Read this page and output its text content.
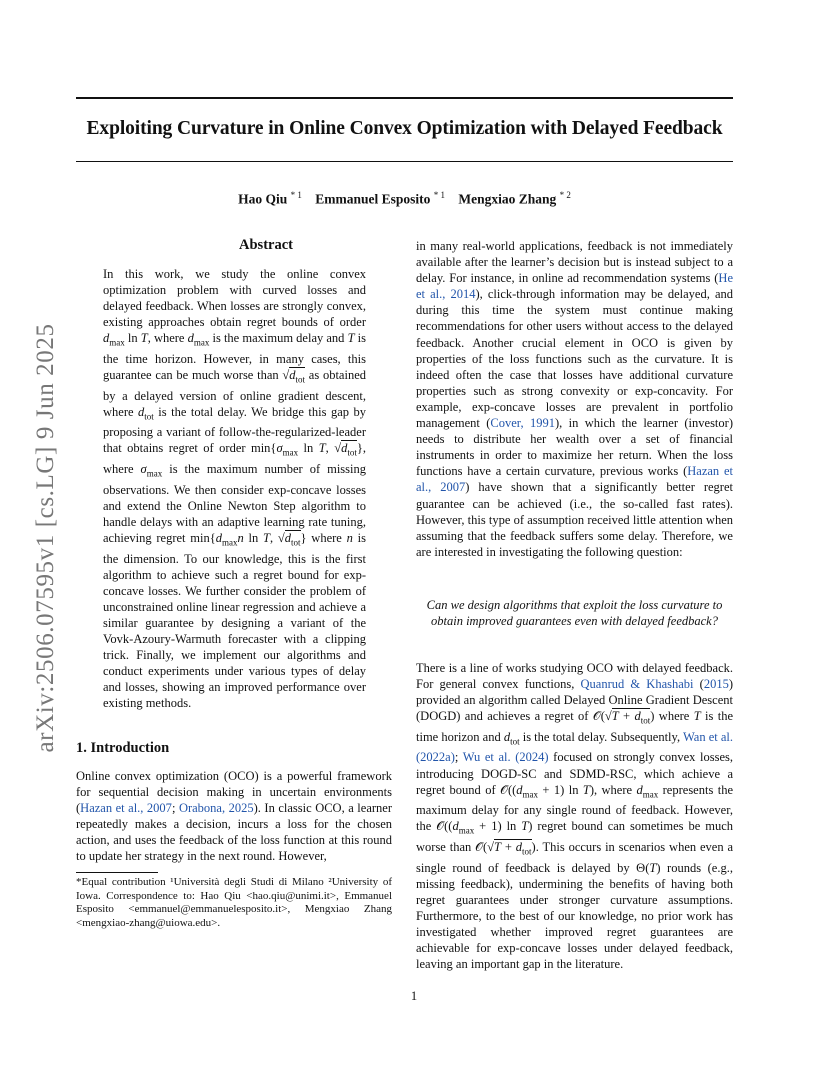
Exploiting Curvature in Online Convex Optimization with Delayed Feedback
Hao Qiu $^{* 1}$ Emmanuel Esposito $^{* 1}$ Mengxiao Zhang $^{* 2}$
arXiv:2506.07595v1 [cs.LG] 9 Jun 2025
Abstract

In this work, we study the online convex optimization problem with curved losses and delayed feedback. When losses are strongly convex, existing approaches obtain regret bounds of order $d_{max}$ ln T, where $d_{max}$ is the maximum delay and T is the time horizon. However, in many cases, this guarantee can be much worse than $√d_{tot}$ as obtained by a delayed version of online gradient descent, where $d_{tot}$ is the total delay. We bridge this gap by proposing a variant of follow-the-regularized-leader that obtains regret of order $\min\{\sigma_{max}$ ln T, $√d_{tot}$}, where $\sigma_{max}$ is the maximum number of missing observations. We then consider exp-concave losses and extend the Online Newton Step algorithm to handle delays with an adaptive learning rate tuning, achieving regret $\min\{d_{max}n$ ln T, $√d_{tot}$} where n is the dimension. To our knowledge, this is the first algorithm to achieve such a regret bound for exp-concave losses. We further consider the problem of unconstrained online linear regression and achieve a similar guarantee by designing a variant of the Vovk-Azoury-Warmuth forecaster with a clipping trick. Finally, we implement our algorithms and conduct experiments under various types of delay and losses, showing an improved performance over existing methods.

1. Introduction

Online convex optimization (OCO) is a powerful framework for sequential decision making in uncertain environments (Hazan et al., 2007; Orabona, 2025). In classic OCO, a learner repeatedly makes a decision, incurs a loss for the chosen action, and uses the feedback of the loss function at this round to update her strategy in the next round. However,

*Equal contribution ¹Università degli Studi di Milano ²University of Iowa. Correspondence to: Hao Qiu <hao.qiu@unimi.it>, Emmanuel Esposito <emmanuel@emmanuelesposito.it>, Mengxiao Zhang <mengxiao-zhang@uiowa.edu>.

in many real-world applications, feedback is not immediately available after the learner’s decision but is instead subject to a delay. For instance, in online ad recommendation systems (He et al., 2014), click-through information may be delayed, and during this time the system must continue making recommendations for other users without access to the delayed feedback. Another crucial element in OCO is given by properties of the loss functions such as the curvature. It is indeed often the case that losses have additional curvature properties such as strong convexity or exp-concavity. For example, exp-concave losses are prevalent in portfolio management (Cover, 1991), in which the learner (investor) needs to distribute her wealth over a set of financial instruments in order to maximize her return. When the loss functions have a certain curvature, previous works (Hazan et al., 2007) have shown that a significantly better regret guarantee can be achieved (i.e., the so-called fast rates). However, this type of assumption received little attention when assuming that the feedback suffers some delay. Therefore, we are interested in investigating the following question:

Can we design algorithms that exploit the loss curvature to obtain improved guarantees even with delayed feedback?

There is a line of works studying OCO with delayed feedback. For general convex functions, Quanrud & Khashabi (2015) provided an algorithm called Delayed Online Gradient Descent (DOGD) and achieves a regret of 𝒪(√T + $d_{tot}$) where T is the time horizon and $d_{tot}$ is the total delay. Subsequently, Wan et al. (2022a); Wu et al. (2024) focused on strongly convex losses, introducing DOGD-SC and SDMD-RSC, which achieve a regret bound of $𝒪((d_{max} + 1)$ ln T), where $d_{max}$ represents the maximum delay for any single round of feedback. However, the $𝒪((d_{max} + 1)$ ln T) regret bound can sometimes be much worse than 𝒪(√T + $d_{tot}$). This occurs in scenarios when even a single round of feedback is delayed by Θ(T) rounds (e.g., missing feedback), undermining the benefits of having both regret guarantees under stronger curvature assumptions. Furthermore, to the best of our knowledge, no prior work has investigated whether improved regret guarantees are achievable for exp-concave losses under delayed feedback, leaving an important gap in the literature.

1
